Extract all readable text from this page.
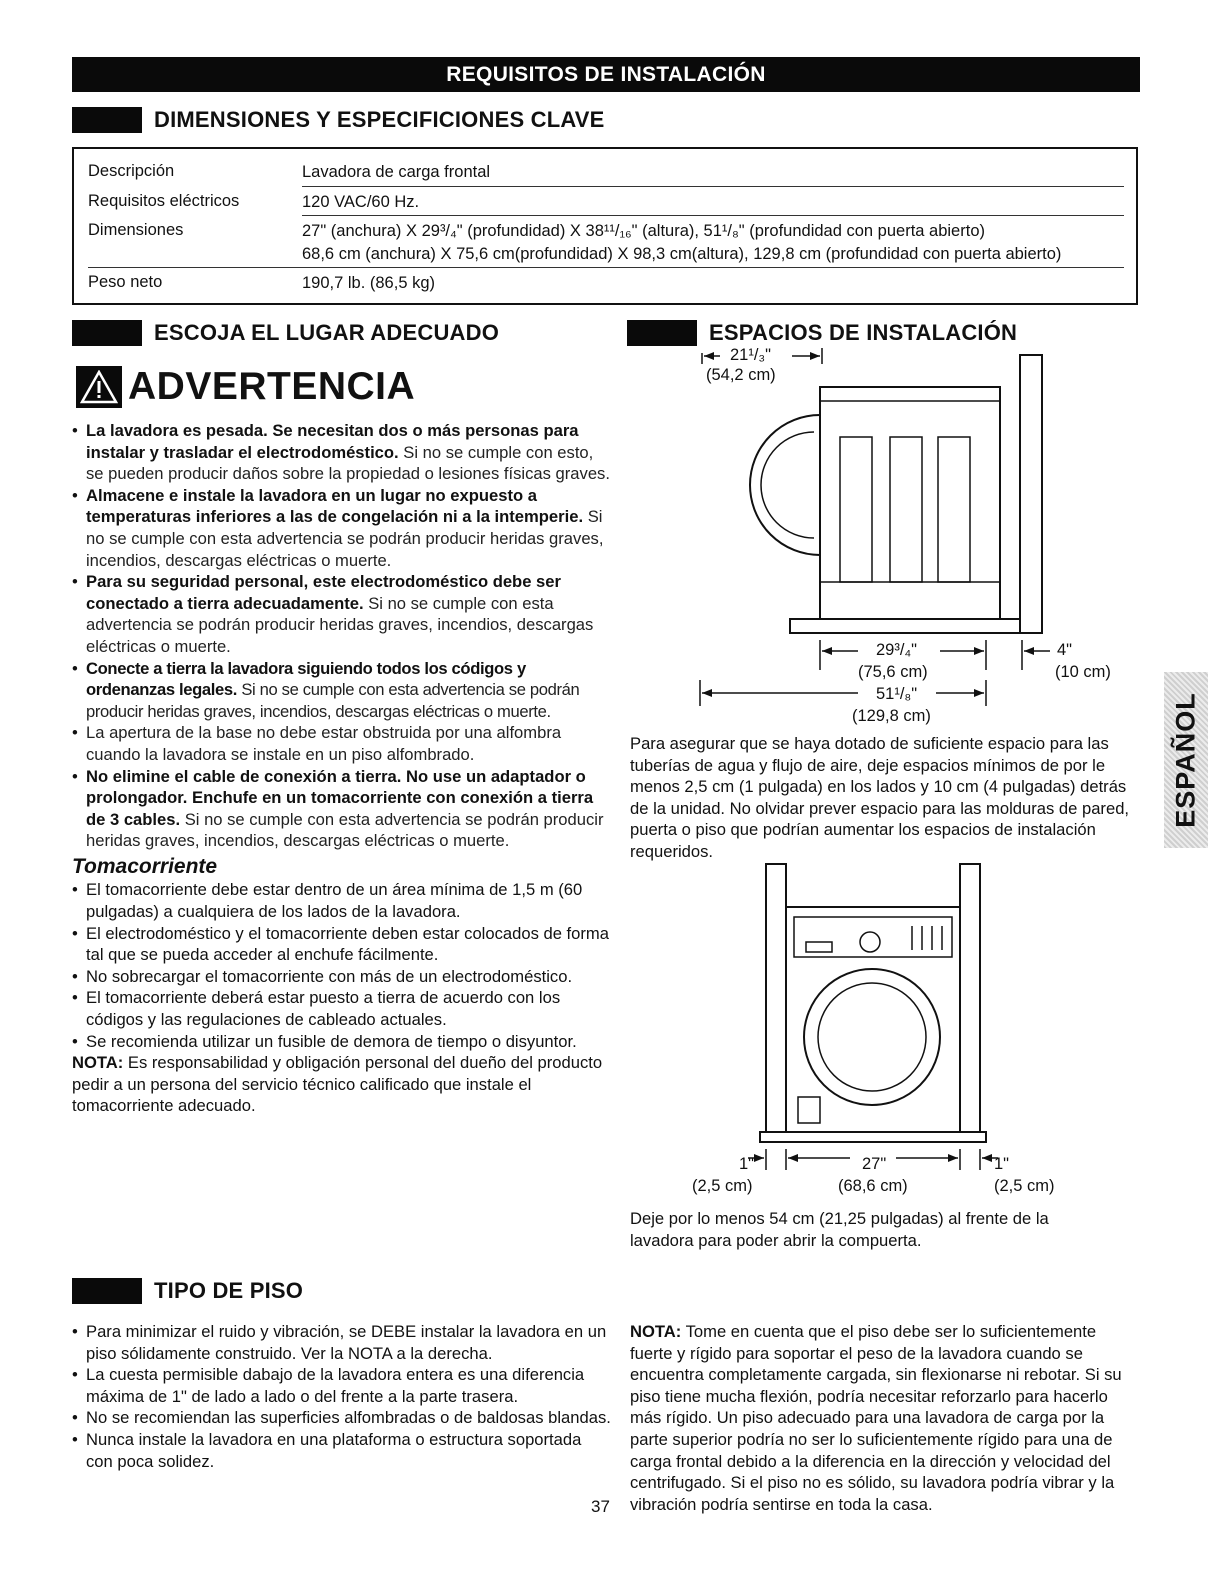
REQUISITOS DE INSTALACIÓN
DIMENSIONES Y ESPECIFICIONES CLAVE
Descripción	Lavadora de carga frontal
Requisitos eléctricos	120 VAC/60 Hz.
Dimensiones	27" (anchura) X 29³/₄" (profundidad) X 38¹¹/₁₆" (altura), 51¹/₈" (profundidad con puerta abierto)
68,6 cm (anchura) X 75,6 cm(profundidad) X 98,3 cm(altura), 129,8 cm (profundidad con puerta abierto)
Peso neto	190,7 lb. (86,5 kg)
ESCOJA EL LUGAR ADECUADO	ESPACIOS DE INSTALACIÓN
ADVERTENCIA
• La lavadora es pesada. Se necesitan dos o más personas para instalar y trasladar el electrodoméstico. Si no se cumple con esto, se pueden producir daños sobre la propiedad o lesiones físicas graves.
• Almacene e instale la lavadora en un lugar no expuesto a temperaturas inferiores a las de congelación ni a la intemperie. Si no se cumple con esta advertencia se podrán producir heridas graves, incendios, descargas eléctricas o muerte.
• Para su seguridad personal, este electrodoméstico debe ser conectado a tierra adecuadamente. Si no se cumple con esta advertencia se podrán producir heridas graves, incendios, descargas eléctricas o muerte.
• Conecte a tierra la lavadora siguiendo todos los códigos y ordenanzas legales. Si no se cumple con esta advertencia se podrán producir heridas graves, incendios, descargas eléctricas o muerte.
• La apertura de la base no debe estar obstruida por una alfombra cuando la lavadora se instale en un piso alfombrado.
• No elimine el cable de conexión a tierra. No use un adaptador o prolongador. Enchufe en un tomacorriente con conexión a tierra de 3 cables. Si no se cumple con esta advertencia se podrán producir heridas graves, incendios, descargas eléctricas o muerte.
Tomacorriente
• El tomacorriente debe estar dentro de un área mínima de 1,5 m (60 pulgadas) a cualquiera de los lados de la lavadora.
• El electrodoméstico y el tomacorriente deben estar colocados de forma tal que se pueda acceder al enchufe fácilmente.
• No sobrecargar el tomacorriente con más de un electrodoméstico.
• El tomacorriente deberá estar puesto a tierra de acuerdo con los códigos y las regulaciones de cableado actuales.
• Se recomienda utilizar un fusible de demora de tiempo o disyuntor.
NOTA: Es responsabilidad y obligación personal del dueño del producto pedir a un persona del servicio técnico calificado que instale el tomacorriente adecuado.
21¹/₃"
(54,2 cm)
29³/₄"
(75,6 cm)
4"
(10 cm)
51¹/₈"
(129,8 cm)
Para asegurar que se haya dotado de suficiente espacio para las tuberías de agua y flujo de aire, deje espacios mínimos de por le menos 2,5 cm (1 pulgada) en los lados y 10 cm (4 pulgadas) detrás de la unidad. No olvidar prever espacio para las molduras de pared, puerta o piso que podrían aumentar los espacios de instalación requeridos.
1"
(2,5 cm)
27"
(68,6 cm)
1"
(2,5 cm)
Deje por lo menos 54 cm (21,25 pulgadas) al frente de la lavadora para poder abrir la compuerta.
TIPO DE PISO
• Para minimizar el ruido y vibración, se DEBE instalar la lavadora en un piso sólidamente construido. Ver la NOTA a la derecha.
• La cuesta permisible dabajo de la lavadora entera es una diferencia máxima de 1" de lado a lado o del frente a la parte trasera.
• No se recomiendan las superficies alfombradas o de baldosas blandas.
• Nunca instale la lavadora en una plataforma o estructura soportada con poca solidez.
NOTA: Tome en cuenta que el piso debe ser lo suficientemente fuerte y rígido para soportar el peso de la lavadora cuando se encuentra completamente cargada, sin flexionarse ni rebotar. Si su piso tiene mucha flexión, podría necesitar reforzarlo para hacerlo más rígido. Un piso adecuado para una lavadora de carga por la parte superior podría no ser lo suficientemente rígido para una de carga frontal debido a la diferencia en la dirección y velocidad del centrifugado. Si el piso no es sólido, su lavadora podría vibrar y la vibración podría sentirse en toda la casa.
37
ESPAÑOL
